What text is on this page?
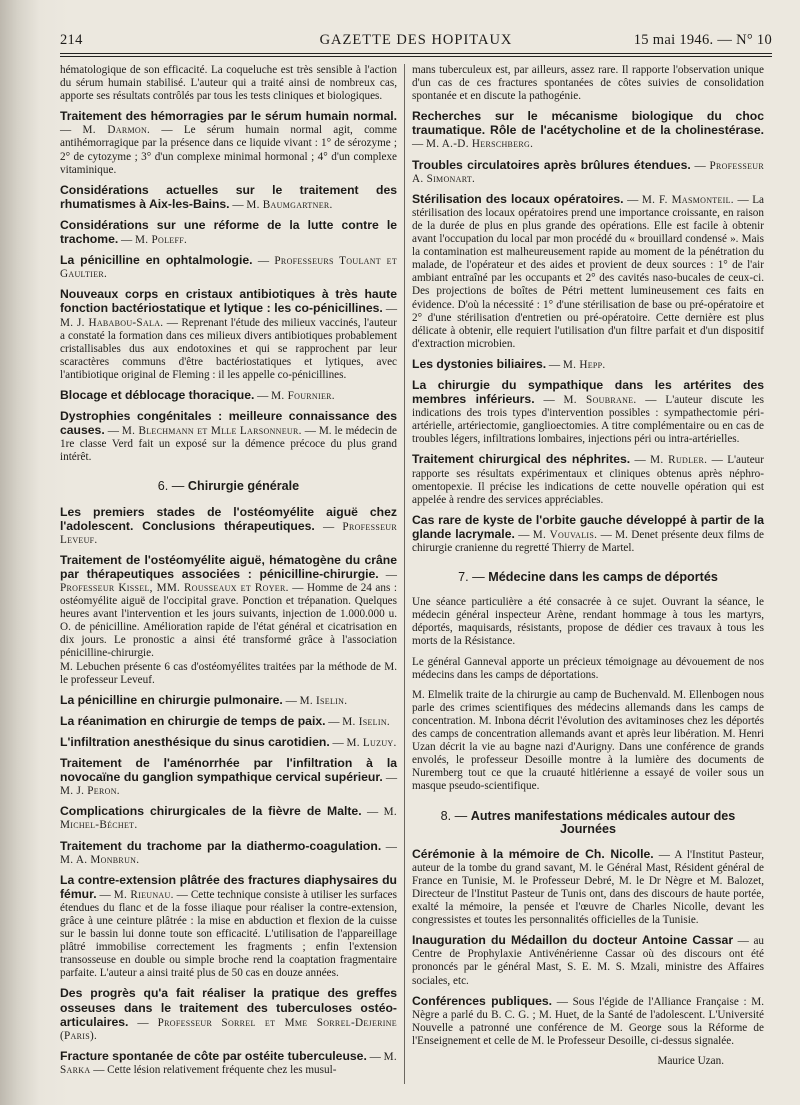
214	GAZETTE DES HOPITAUX	15 mai 1946. — N° 10

hématologique de son efficacité. La coqueluche est très sensible à l'action du sérum humain stabilisé. L'auteur qui a traité ainsi de nombreux cas, apporte ses résultats contrôlés par tous les tests cliniques et biologiques.

Traitement des hémorragies par le sérum humain normal. — M. Darmon. — Le sérum humain normal agit, comme antihémorragique par la présence dans ce liquide vivant : 1° de sérozyme ; 2° de cytozyme ; 3° d'un complexe minimal hormonal ; 4° d'un complexe vitaminique.

Considérations actuelles sur le traitement des rhumatismes à Aix-les-Bains. — M. Baumgartner.

Considérations sur une réforme de la lutte contre le trachome. — M. Poleff.

La pénicilline en ophtalmologie. — Professeurs Toulant et Gaultier.

Nouveaux corps en cristaux antibiotiques à très haute fonction bactériostatique et lytique : les co-pénicillines. — M. J. Hababou-Sala. — Reprenant l'étude des milieux vaccinés, l'auteur a constaté la formation dans ces milieux divers antibiotiques probablement cristallisables dus aux endotoxines et qui se rapprochent par leur scaractères communs d'être bactériostatiques et lytiques, avec l'antibiotique original de Fleming : il les appelle co-pénicillines.

Blocage et déblocage thoracique. — M. Fournier.

Dystrophies congénitales : meilleure connaissance des causes. — M. Blechmann et Mlle Larsonneur. — M. le médecin de 1re classe Verd fait un exposé sur la démence précoce du plus grand intérêt.

6. — Chirurgie générale

Les premiers stades de l'ostéomyélite aiguë chez l'adolescent. Conclusions thérapeutiques. — Professeur Leveuf.

Traitement de l'ostéomyélite aiguë, hématogène du crâne par thérapeutiques associées : pénicilline-chirurgie. — Professeur Kissel, MM. Rousseaux et Royer. — Homme de 24 ans : ostéomyélite aiguë de l'occipital grave. Ponction et trépanation. Quelques heures avant l'intervention et les jours suivants, injection de 1.000.000 u. O. de pénicilline. Amélioration rapide de l'état général et cicatrisation en dix jours. Le pronostic a ainsi été transformé grâce à l'association pénicilline-chirurgie.

M. Lebuchen présente 6 cas d'ostéomyélites traitées par la méthode de M. le professeur Leveuf.

La pénicilline en chirurgie pulmonaire. — M. Iselin.

La réanimation en chirurgie de temps de paix. — M. Iselin.

L'infiltration anesthésique du sinus carotidien. — M. Luzuy.

Traitement de l'aménorrhée par l'infiltration à la novocaïne du ganglion sympathique cervical supérieur. — M. J. Peron.

Complications chirurgicales de la fièvre de Malte. — M. Michel-Béchet.

Traitement du trachome par la diathermo-coagulation. — M. A. Monbrun.

La contre-extension plâtrée des fractures diaphysaires du fémur. — M. Rieunau. — Cette technique consiste à utiliser les surfaces étendues du flanc et de la fosse iliaque pour réaliser la contre-extension, grâce à une ceinture plâtrée : la mise en abduction et flexion de la cuisse sur le bassin lui donne toute son efficacité. L'utilisation de l'appareillage plâtré immobilise correctement les fragments ; enfin l'extension transosseuse en double ou simple broche rend la coaptation fragmentaire parfaite. L'auteur a ainsi traité plus de 50 cas en douze années.

Des progrès qu'a fait réaliser la pratique des greffes osseuses dans le traitement des tuberculoses ostéo-articulaires. — Professeur Sorrel et Mme Sorrel-Dejerine (Paris).

Fracture spontanée de côte par ostéite tuberculeuse. — M. Sarka — Cette lésion relativement fréquente chez les musul-

mans tuberculeux est, par ailleurs, assez rare. Il rapporte l'observation unique d'un cas de ces fractures spontanées de côtes suivies de consolidation spontanée et en discute la pathogénie.

Recherches sur le mécanisme biologique du choc traumatique. Rôle de l'acétycholine et de la cholinestérase. — M. A.-D. Herschberg.

Troubles circulatoires après brûlures étendues. — Professeur A. Simonart.

Stérilisation des locaux opératoires. — M. F. Masmonteil. — La stérilisation des locaux opératoires prend une importance croissante, en raison de la durée de plus en plus grande des opérations. Elle est facile à obtenir avant l'occupation du local par mon procédé du « brouillard condensé ». Mais la contamination est malheureusement rapide au moment de la pénétration du malade, de l'opérateur et des aides et provient de deux sources : 1° de l'air ambiant entraîné par les occupants et 2° des cavités naso-bucales de ceux-ci. Des projections de boîtes de Pétri mettent lumineusement ces faits en évidence. D'où la nécessité : 1° d'une stérilisation de base ou pré-opératoire et 2° d'une stérilisation d'entretien ou pré-opératoire. Cette dernière est plus délicate à obtenir, elle requiert l'utilisation d'un filtre parfait et d'un dispositif d'extraction microbien.

Les dystonies biliaires. — M. Hepp.

La chirurgie du sympathique dans les artérites des membres inférieurs. — M. Soubrane. — L'auteur discute les indications des trois types d'intervention possibles : sympathectomie péri-artérielle, artériectomie, ganglioectomies. A titre complémentaire ou en cas de troubles légers, infiltrations lombaires, injections péri ou intra-artérielles.

Traitement chirurgical des néphrites. — M. Rudler. — L'auteur rapporte ses résultats expérimentaux et cliniques obtenus après néphro-omentopexie. Il précise les indications de cette nouvelle opération qui est appelée à rendre des services appréciables.

Cas rare de kyste de l'orbite gauche développé à partir de la glande lacrymale. — M. Vouvalis. — M. Denet présente deux films de chirurgie cranienne du regretté Thierry de Martel.

7. — Médecine dans les camps de déportés

Une séance particulière a été consacrée à ce sujet. Ouvrant la séance, le médecin général inspecteur Arène, rendant hommage à tous les martyrs, déportés, maquisards, résistants, propose de dédier ces travaux à tous les morts de la Résistance.

Le général Ganneval apporte un précieux témoignage au dévouement de nos médecins dans les camps de déportations.

M. Elmelik traite de la chirurgie au camp de Buchenvald. M. Ellenbogen nous parle des crimes scientifiques des médecins allemands dans les camps de concentration. M. Inbona décrit l'évolution des avitaminoses chez les déportés des camps de concentration allemands avant et après leur libération. M. Henri Uzan décrit la vie au bagne nazi d'Aurigny. Dans une conférence de grands envolés, le professeur Desoille montre à la lumière des documents de Nuremberg tout ce que la cruauté hitlérienne a essayé de voiler sous un masque pseudo-scientifique.

8. — Autres manifestations médicales autour des Journées

Cérémonie à la mémoire de Ch. Nicolle. — A l'Institut Pasteur, auteur de la tombe du grand savant, M. le Général Mast, Résident général de France en Tunisie, M. le Professeur Debré, M. le Dr Nègre et M. Balozet, Directeur de l'Institut Pasteur de Tunis ont, dans des discours de haute portée, exalté la mémoire, la pensée et l'œuvre de Charles Nicolle, devant les congressistes et toutes les personnalités officielles de la Tunisie.

Inauguration du Médaillon du docteur Antoine Cassar — au Centre de Prophylaxie Antivénérienne Cassar où des discours ont été prononcés par le général Mast, S. E. M. S. Mzali, ministre des Affaires sociales, etc.

Conférences publiques. — Sous l'égide de l'Alliance Française : M. Nègre a parlé du B. C. G. ; M. Huet, de la Santé de l'adolescent. L'Université Nouvelle a patronné une conférence de M. George sous la Réforme de l'Enseignement et celle de M. le Professeur Desoille, ci-dessus signalée.

Maurice Uzan.
